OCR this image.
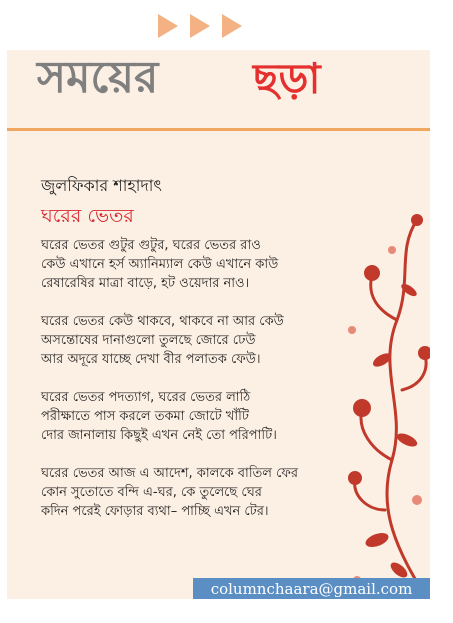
সময়ের ছড়া
জুলফিকার শাহাদাৎ
ঘরের ভেতর
ঘরের ভেতর গুটুর গুটুর, ঘরের ভেতর রাও
কেউ এখানে হর্স অ্যানিম্যাল কেউ এখানে কাউ
রেষারেষির মাত্রা বাড়ে, হট ওয়েদার নাও।
ঘরের ভেতর কেউ থাকবে, থাকবে না আর কেউ
অসন্তোষের দানাগুলো তুলছে জোরে ঢেউ
আর অদূরে যাচ্ছে দেখা বীর পলাতক ফেউ।
ঘরের ভেতর পদত্যাগ, ঘরের ভেতর লাঠি
পরীক্ষাতে পাস করলে তকমা জোটে খাঁটি
দোর জানালায় কিছুই এখন নেই তো পরিপাটি।
ঘরের ভেতর আজ এ আদেশ, কালকে বাতিল ফের
কোন সুতোতে বন্দি এ-ঘর, কে তুলেছে ঘের
কদিন পরেই ফোড়ার ব্যথা– পাচ্ছি এখন টের।
columnchaara@gmail.com
